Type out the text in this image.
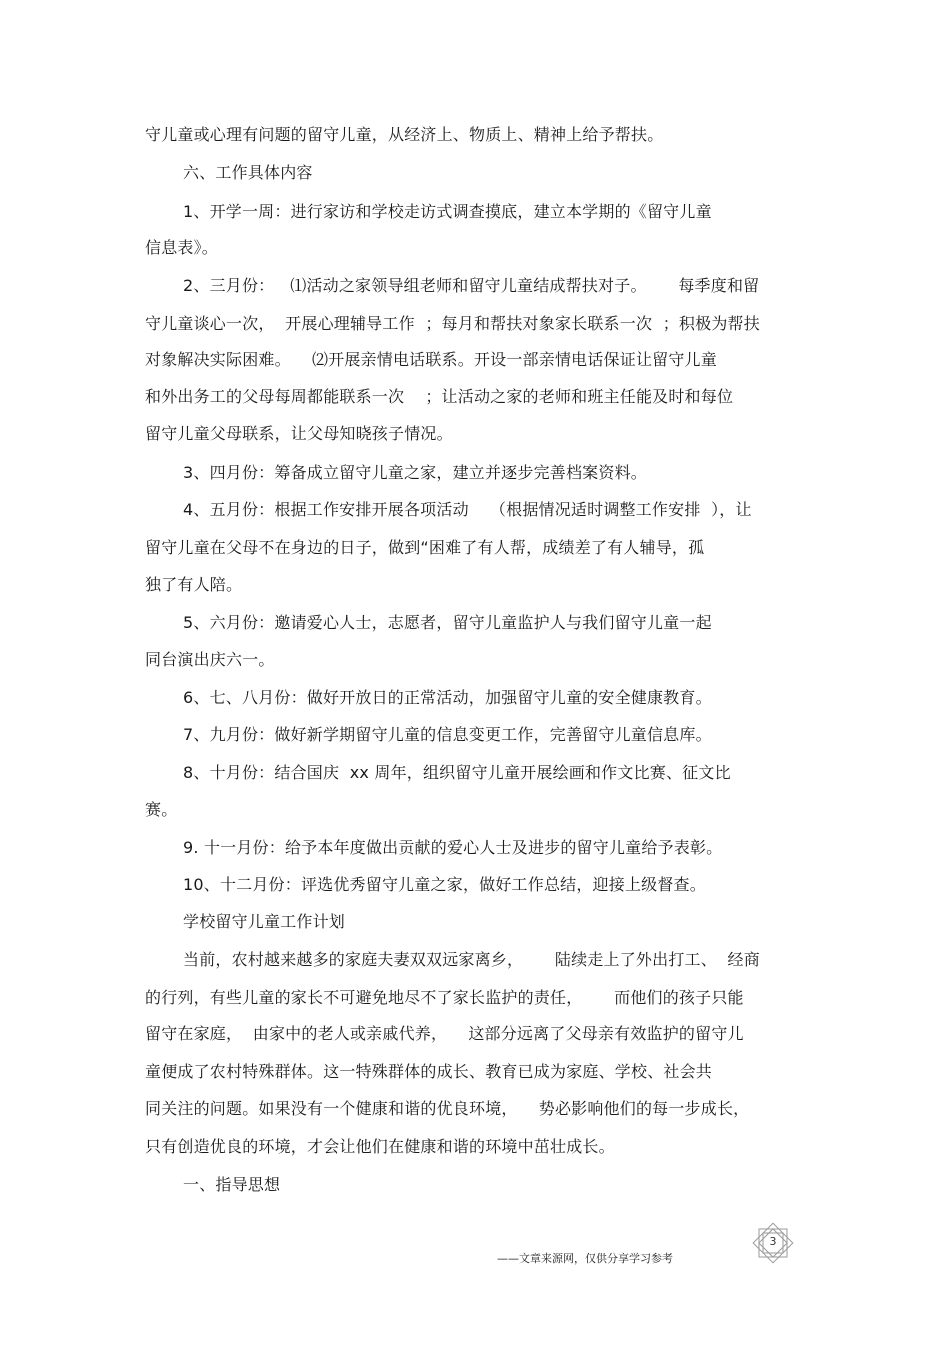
守儿童或心理有问题的留守儿童，从经济上、物质上、精神上给予帮扶。
六、工作具体内容
1、开学一周：进行家访和学校走访式调查摸底，建立本学期的《留守儿童
信息表》。
2、三月份：   ⑴活动之家领导组老师和留守儿童结成帮扶对子。      每季度和留
守儿童谈心一次，  开展心理辅导工作  ；每月和帮扶对象家长联系一次  ；积极为帮扶
对象解决实际困难。    ⑵开展亲情电话联系。开设一部亲情电话保证让留守儿童
和外出务工的父母每周都能联系一次    ；让活动之家的老师和班主任能及时和每位
留守儿童父母联系，让父母知晓孩子情况。
3、四月份：筹备成立留守儿童之家，建立并逐步完善档案资料。
4、五月份：根据工作安排开展各项活动    （根据情况适时调整工作安排  ），让
留守儿童在父母不在身边的日子，做到“困难了有人帮，成绩差了有人辅导，孤
独了有人陪。
5、六月份：邀请爱心人士，志愿者，留守儿童监护人与我们留守儿童一起
同台演出庆六一。
6、七、八月份：做好开放日的正常活动，加强留守儿童的安全健康教育。
7、九月份：做好新学期留守儿童的信息变更工作，完善留守儿童信息库。
8、十月份：结合国庆  xx 周年，组织留守儿童开展绘画和作文比赛、征文比
赛。
9. 十一月份：给予本年度做出贡献的爱心人士及进步的留守儿童给予表彰。
10、十二月份：评选优秀留守儿童之家，做好工作总结，迎接上级督查。
学校留守儿童工作计划
当前，农村越来越多的家庭夫妻双双远家离乡，      陆续走上了外出打工、  经商
的行列，有些儿童的家长不可避免地尽不了家长监护的责任，      而他们的孩子只能
留守在家庭，  由家中的老人或亲戚代养，    这部分远离了父母亲有效监护的留守儿
童便成了农村特殊群体。这一特殊群体的成长、教育已成为家庭、学校、社会共
同关注的问题。如果没有一个健康和谐的优良环境，    势必影响他们的每一步成长，
只有创造优良的环境，才会让他们在健康和谐的环境中茁壮成长。
一、指导思想
3
——文章来源网，仅供分享学习参考
